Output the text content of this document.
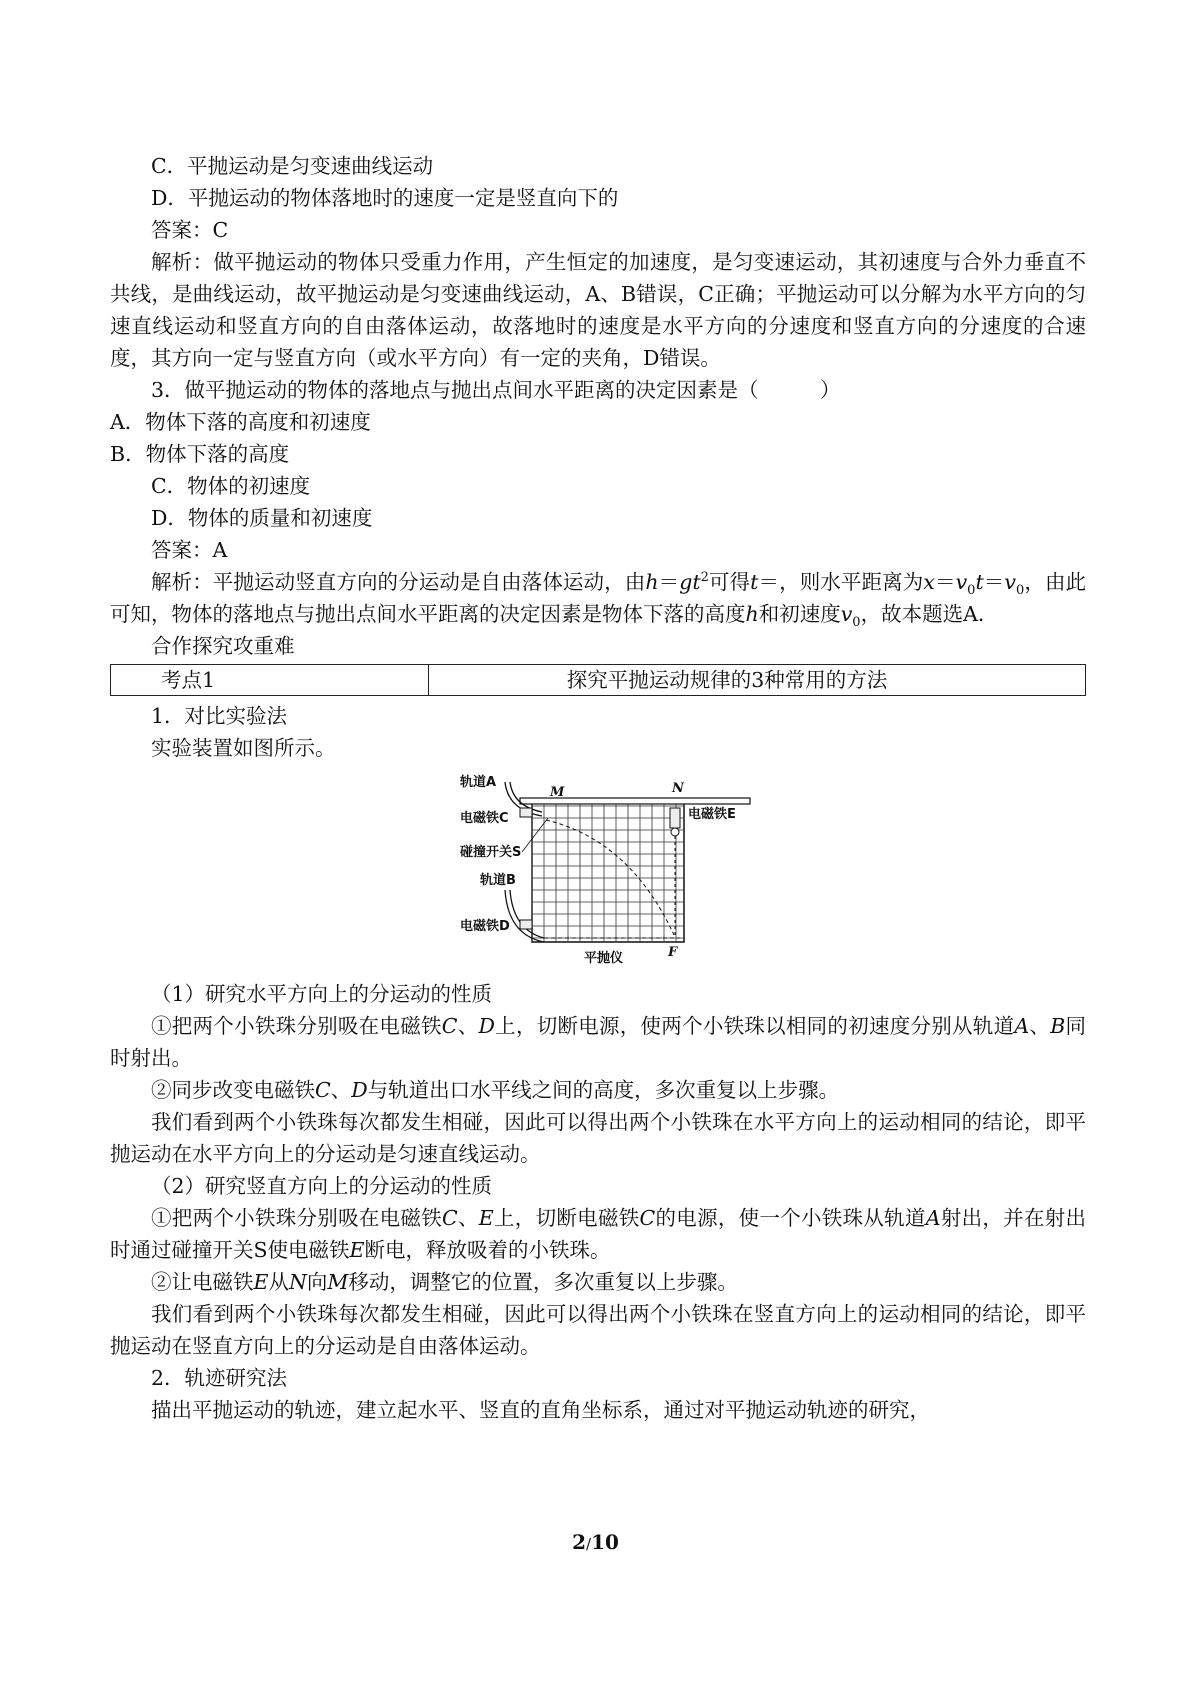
C．平抛运动是匀变速曲线运动

D．平抛运动的物体落地时的速度一定是竖直向下的

答案：C

解析：做平抛运动的物体只受重力作用，产生恒定的加速度，是匀变速运动，其初速度与合外力垂直不共线，是曲线运动，故平抛运动是匀变速曲线运动，A、B错误，C正确；平抛运动可以分解为水平方向的匀速直线运动和竖直方向的自由落体运动，故落地时的速度是水平方向的分速度和竖直方向的分速度的合速度，其方向一定与竖直方向（或水平方向）有一定的夹角，D错误。

3．做平抛运动的物体的落地点与抛出点间水平距离的决定因素是（　　　）

A．物体下落的高度和初速度

B．物体下落的高度

C．物体的初速度

D．物体的质量和初速度

答案：A

解析：平抛运动竖直方向的分运动是自由落体运动，由$h=gt^2$可得t＝，则水平距离为$x=v_0t=v_0$，由此可知，物体的落地点与抛出点间水平距离的决定因素是物体下落的高度h和初速度$v_0$，故本题选A．

合作探究攻重难

考点1	探究平抛运动规律的3种常用的方法

1．对比实验法

实验装置如图所示。

轨道A
M	N
电磁铁C	电磁铁E
碰撞开关S
轨道B
电磁铁D
F
平抛仪

（1）研究水平方向上的分运动的性质

①把两个小铁珠分别吸在电磁铁C、D上，切断电源，使两个小铁珠以相同的初速度分别从轨道A、B同时射出。

②同步改变电磁铁C、D与轨道出口水平线之间的高度，多次重复以上步骤。

我们看到两个小铁珠每次都发生相碰，因此可以得出两个小铁珠在水平方向上的运动相同的结论，即平抛运动在水平方向上的分运动是匀速直线运动。

（2）研究竖直方向上的分运动的性质

①把两个小铁珠分别吸在电磁铁C、E上，切断电磁铁C的电源，使一个小铁珠从轨道A射出，并在射出时通过碰撞开关S使电磁铁E断电，释放吸着的小铁珠。

②让电磁铁E从N向M移动，调整它的位置，多次重复以上步骤。

我们看到两个小铁珠每次都发生相碰，因此可以得出两个小铁珠在竖直方向上的运动相同的结论，即平抛运动在竖直方向上的分运动是自由落体运动。

2．轨迹研究法

描出平抛运动的轨迹，建立起水平、竖直的直角坐标系，通过对平抛运动轨迹的研究，

2/10
